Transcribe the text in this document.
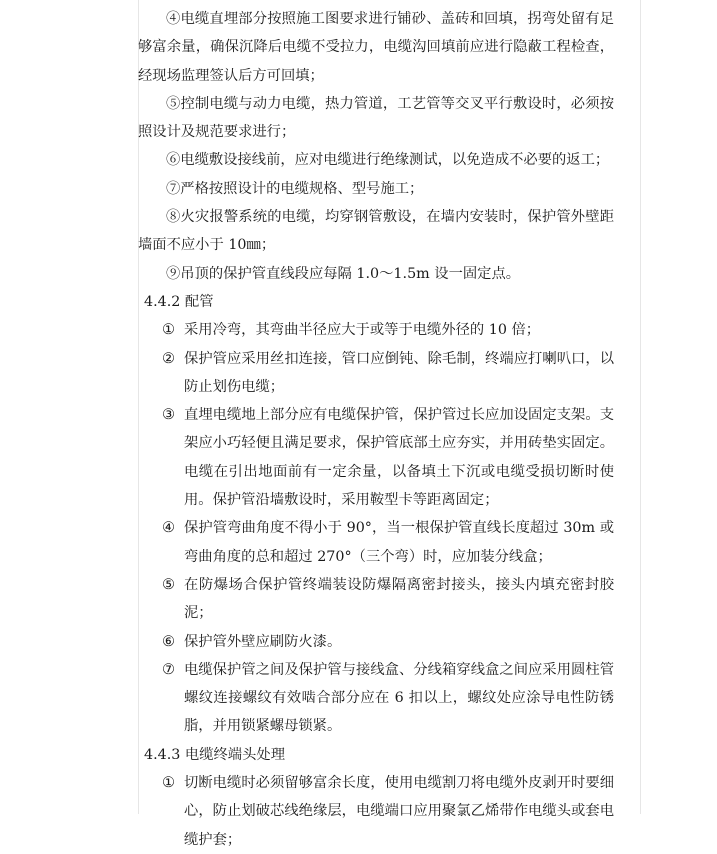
④电缆直埋部分按照施工图要求进行铺砂、盖砖和回填，拐弯处留有足够富余量，确保沉降后电缆不受拉力，电缆沟回填前应进行隐蔽工程检查，经现场监理签认后方可回填；

⑤控制电缆与动力电缆，热力管道，工艺管等交叉平行敷设时，必须按照设计及规范要求进行；

⑥电缆敷设接线前，应对电缆进行绝缘测试，以免造成不必要的返工；

⑦严格按照设计的电缆规格、型号施工；

⑧火灾报警系统的电缆，均穿钢管敷设，在墙内安装时，保护管外壁距墙面不应小于 10㎜；

⑨吊顶的保护管直线段应每隔 1.0～1.5m 设一固定点。

4.4.2 配管

① 采用冷弯，其弯曲半径应大于或等于电缆外径的 10 倍；
② 保护管应采用丝扣连接，管口应倒钝、除毛制，终端应打喇叭口，以防止划伤电缆；
③ 直埋电缆地上部分应有电缆保护管，保护管过长应加设固定支架。支架应小巧轻便且满足要求，保护管底部土应夯实，并用砖垫实固定。电缆在引出地面前有一定余量，以备填土下沉或电缆受损切断时使用。保护管沿墙敷设时，采用鞍型卡等距离固定；
④ 保护管弯曲角度不得小于 90°，当一根保护管直线长度超过 30m 或弯曲角度的总和超过 270°（三个弯）时，应加装分线盒；
⑤ 在防爆场合保护管终端装设防爆隔离密封接头，接头内填充密封胶泥；
⑥ 保护管外壁应刷防火漆。
⑦ 电缆保护管之间及保护管与接线盒、分线箱穿线盒之间应采用圆柱管螺纹连接螺纹有效啮合部分应在 6 扣以上，螺纹处应涂导电性防锈脂，并用锁紧螺母锁紧。

4.4.3 电缆终端头处理

① 切断电缆时必须留够富余长度，使用电缆割刀将电缆外皮剥开时要细心，防止划破芯线绝缘层，电缆端口应用聚氯乙烯带作电缆头或套电缆护套；
